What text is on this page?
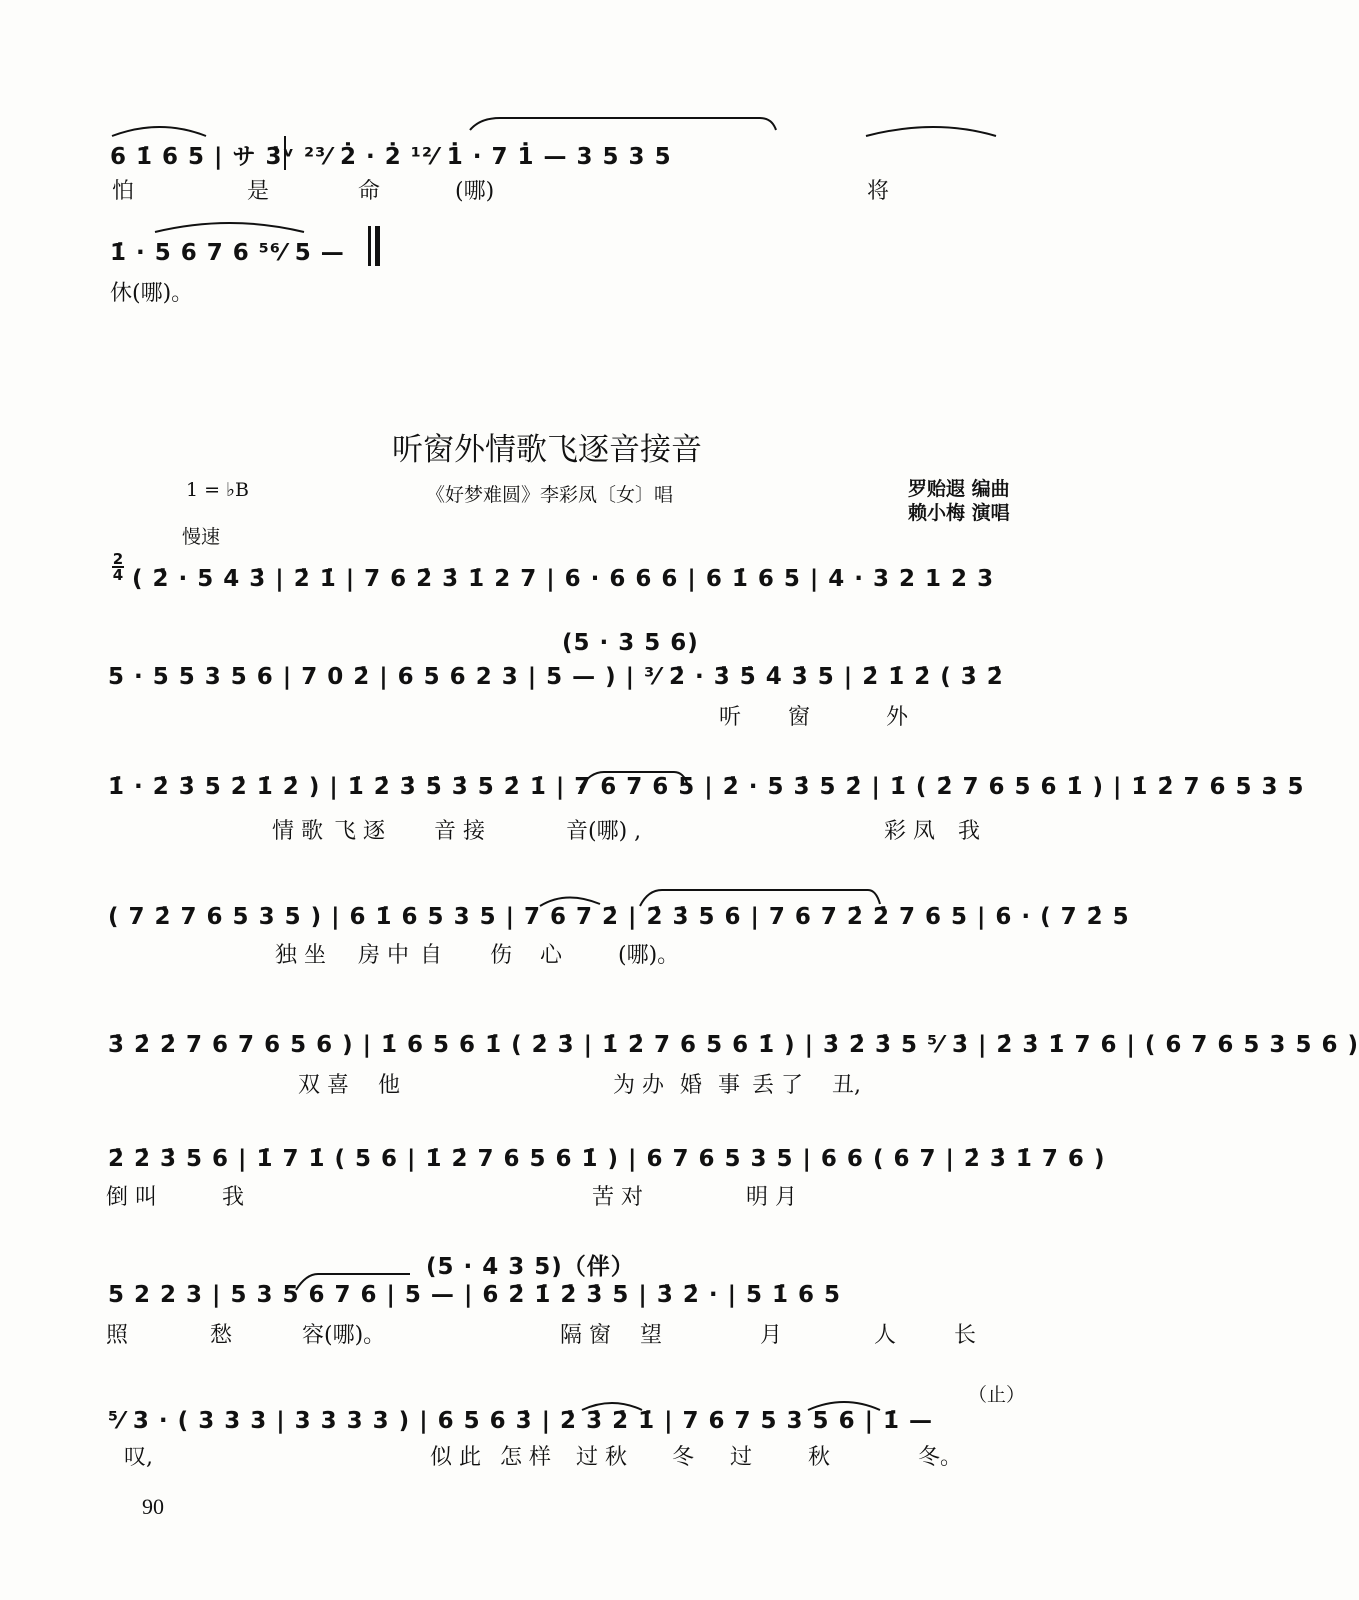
6 1̇ 6 5 | サ 3̇ᵛ ²³⁄ 2̇ · 2̇ ¹²⁄ 1̇ · 7 1̇ — 3 5 3 5
怕	是	命	(哪)	将
1̇ · 5 6 7 6 ⁵⁶⁄ 5 —
休(哪)。
听窗外情歌飞逐音接音
1 = ♭B	《好梦难圆》李彩凤〔女〕唱	罗贻遐 编曲
赖小梅 演唱
慢速
2
4 ( 2̇ · 5 4 3̇ | 2̇ 1̇ | 7 6 2̇ 3̇ 1̇ 2 7 | 6 · 6 6 6 | 6 1̇ 6 5 | 4 · 3 2 1 2 3
(5 · 3 5 6)
5 · 5 5 3 5 6 | 7 0 2̇ | 6 5 6 2 3 | 5 — ) | ³⁄ 2̇ · 3̇ 5̇ 4̇ 3̇ 5 | 2̇ 1̇ 2̇ ( 3̇ 2̇
听 窗	外
1̇ · 2̇ 3̇ 5 2̇ 1̇ 2̇ ) | 1̇ 2̇ 3̇ 5̇ 3̇ 5 2̇ 1̇ | 7 6 7 6 5 | 2̇ · 5 3̇ 5 2̇ | 1̇ ( 2̇ 7 6 5 6 1̇ ) | 1̇ 2̇ 7 6 5 3 5
情 歌 飞 逐 音 接	音(哪) ,	彩 凤 我
( 7 2̇ 7 6 5 3 5 ) | 6 1̇ 6 5 3 5 | 7 6 7 2̇ | 2̇ 3̇ 5 6 | 7 6 7 2̇ 2̇ 7 6 5 | 6 · ( 7 2̇ 5
独 坐 房 中 自 伤 心	(哪)。
3̇ 2̇ 2̇ 7 6 7 6 5 6 ) | 1̇ 6 5 6 1̇ ( 2̇ 3̇ | 1̇ 2̇ 7 6 5 6 1̇ ) | 3̇ 2̇ 3̇ 5 ⁵⁄ 3̇ | 2̇ 3̇ 1̇ 7 6 | ( 6 7 6 5 3 5 6 )
双 喜 他	为 办 婚 事 丢 了 丑,
2̇ 2̇ 3̇ 5 6 | 1̇ 7 1̇ ( 5 6 | 1̇ 2̇ 7 6 5 6 1̇ ) | 6 7 6 5 3 5 | 6 6 ( 6 7 | 2̇ 3̇ 1̇ 7 6 )
倒 叫	我	苦 对	明 月
(5 · 4 3 5)（伴）
5 2 2 3 | 5 3 5 6 7 6 | 5 — | 6 2̇ 1̇ 2̇ 3̇ 5 | 3̇ 2̇ · | 5 1̇ 6 5
照	愁	容(哪)。	隔 窗 望	月	人	长
（止）
⁵⁄ 3 · ( 3 3 3 | 3 3 3 3 ) | 6 5 6 3̇ | 2̇ 3̇ 2̇ 1̇ | 7 6 7 5 3 5 6 | 1̇ —
叹,	似 此 怎 样 过 秋 冬 过	秋	冬。
90
